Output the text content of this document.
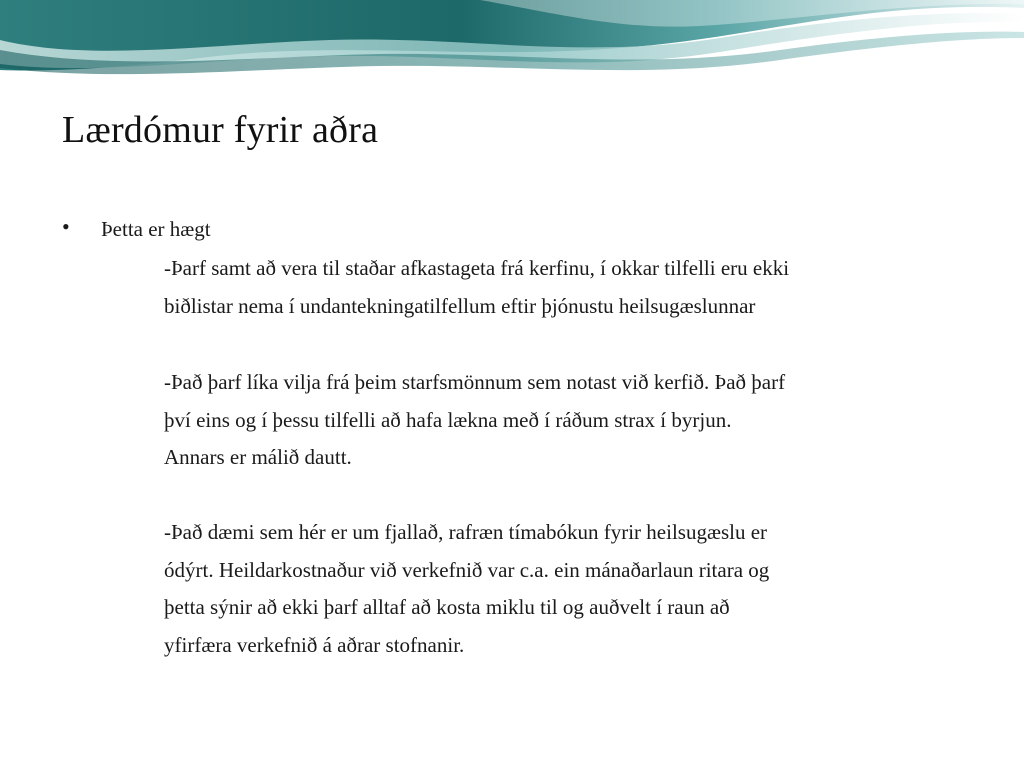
Lærdómur fyrir aðra
• Þetta er hægt
-Þarf samt að vera til staðar afkastageta frá kerfinu, í okkar tilfelli eru ekki
biðlistar nema í undantekningatilfellum eftir þjónustu heilsugæslunnar
-Það þarf líka vilja frá þeim starfsmönnum sem notast við kerfið. Það þarf
því eins og í þessu tilfelli að hafa lækna með í ráðum strax í byrjun.
Annars er málið dautt.
-Það dæmi sem hér er um fjallað, rafræn tímabókun fyrir heilsugæslu er
ódýrt. Heildarkostnaður við verkefnið var c.a. ein mánaðarlaun ritara og
þetta sýnir að ekki þarf alltaf að kosta miklu til og auðvelt í raun að
yfirfæra verkefnið á aðrar stofnanir.
